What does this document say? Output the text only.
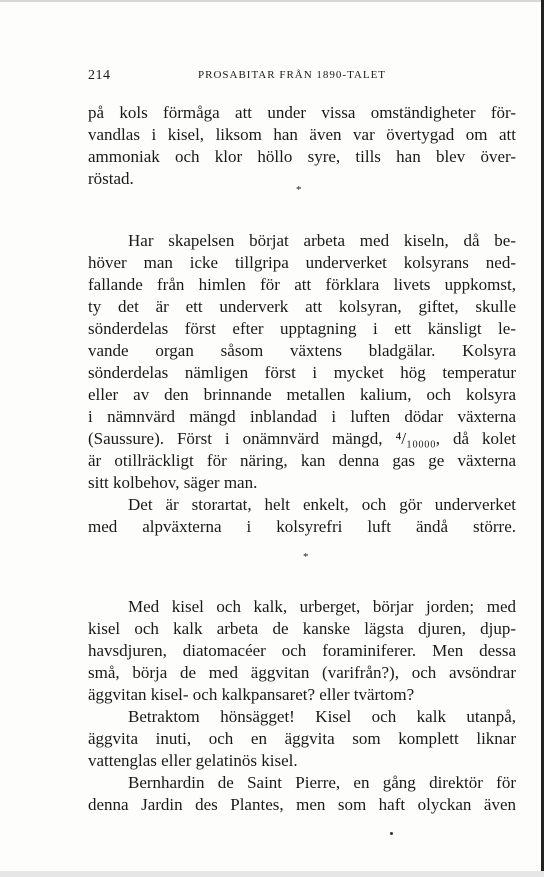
214	PROSABITAR FRÅN 1890-TALET
på kols förmåga att under vissa omständigheter för-
vandlas i kisel, liksom han även var övertygad om att
ammoniak och klor höllo syre, tills han blev över-
röstad.
*
Har skapelsen börjat arbeta med kiseln, då be-
höver man icke tillgripa underverket kolsyrans ned-
fallande från himlen för att förklara livets uppkomst,
ty det är ett underverk att kolsyran, giftet, skulle
sönderdelas först efter upptagning i ett känsligt le-
vande organ såsom växtens bladgälar. Kolsyra
sönderdelas nämligen först i mycket hög temperatur
eller av den brinnande metallen kalium, och kolsyra
i nämnvärd mängd inblandad i luften dödar växterna
(Saussure). Först i onämnvärd mängd, ⁴/₁₀₀₀₀, då kolet
är otillräckligt för näring, kan denna gas ge växterna
sitt kolbehov, säger man.
Det är storartat, helt enkelt, och gör underverket
med alpväxterna i kolsyrefri luft ändå större.
*
Med kisel och kalk, urberget, börjar jorden; med
kisel och kalk arbeta de kanske lägsta djuren, djup-
havsdjuren, diatomacéer och foraminiferer. Men dessa
små, börja de med äggvitan (varifrån?), och avsöndrar
äggvitan kisel- och kalkpansaret? eller tvärtom?
Betraktom hönsägget! Kisel och kalk utanpå,
äggvita inuti, och en äggvita som komplett liknar
vattenglas eller gelatinös kisel.
Bernhardin de Saint Pierre, en gång direktör för
denna Jardin des Plantes, men som haft olyckan även
